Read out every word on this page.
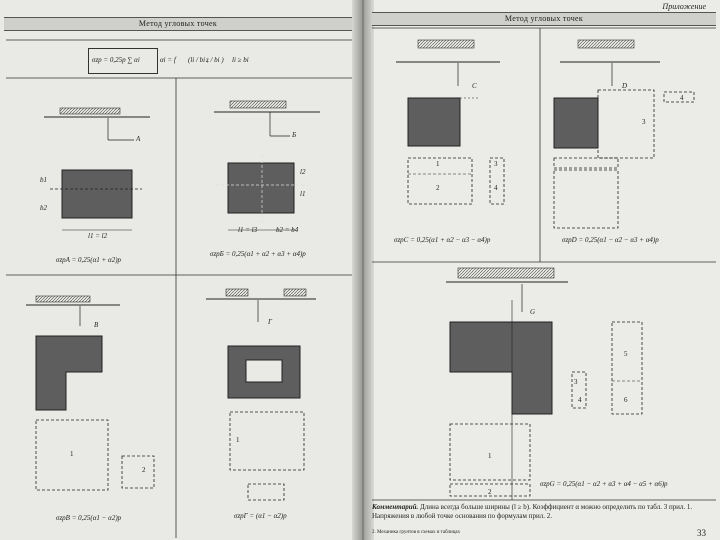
Метод угловых точек
Метод угловых точек
Приложение
σzp = 0,25p ∑ αi	αi = f (li / bi ,
z / bi ) li ≥ bi
A	Б
В	Г
С	D
G
1
2
1
1
2
3
4
3
4
3
4
5
6
1
2
b1
b2
l1 = l2
l1 = l3	b2 = b4
l2
l1
σzpA = 0,25(α1 + α2)p
σzpБ = 0,25(α1 + α2 + α3 + α4)p
σzpВ = 0,25(α1 − α2)p	σzpГ = (α1 − α2)p
σzpC = 0,25(α1 + α2 − α3 − α4)p	σzpD = 0,25(α1 − α2 − α3 + α4)p
σzpG = 0,25(α1 − α2 + α3 + α4 − α5 + α6)p
Комментарий. Длина всегда больше ширины (l ≥ b). Коэффициент α можно определить по табл. 3 прил. 1. Напряжения в любой точке основания по формулам прил. 2.
2. Механика грунтов в схемах и таблицах	33
